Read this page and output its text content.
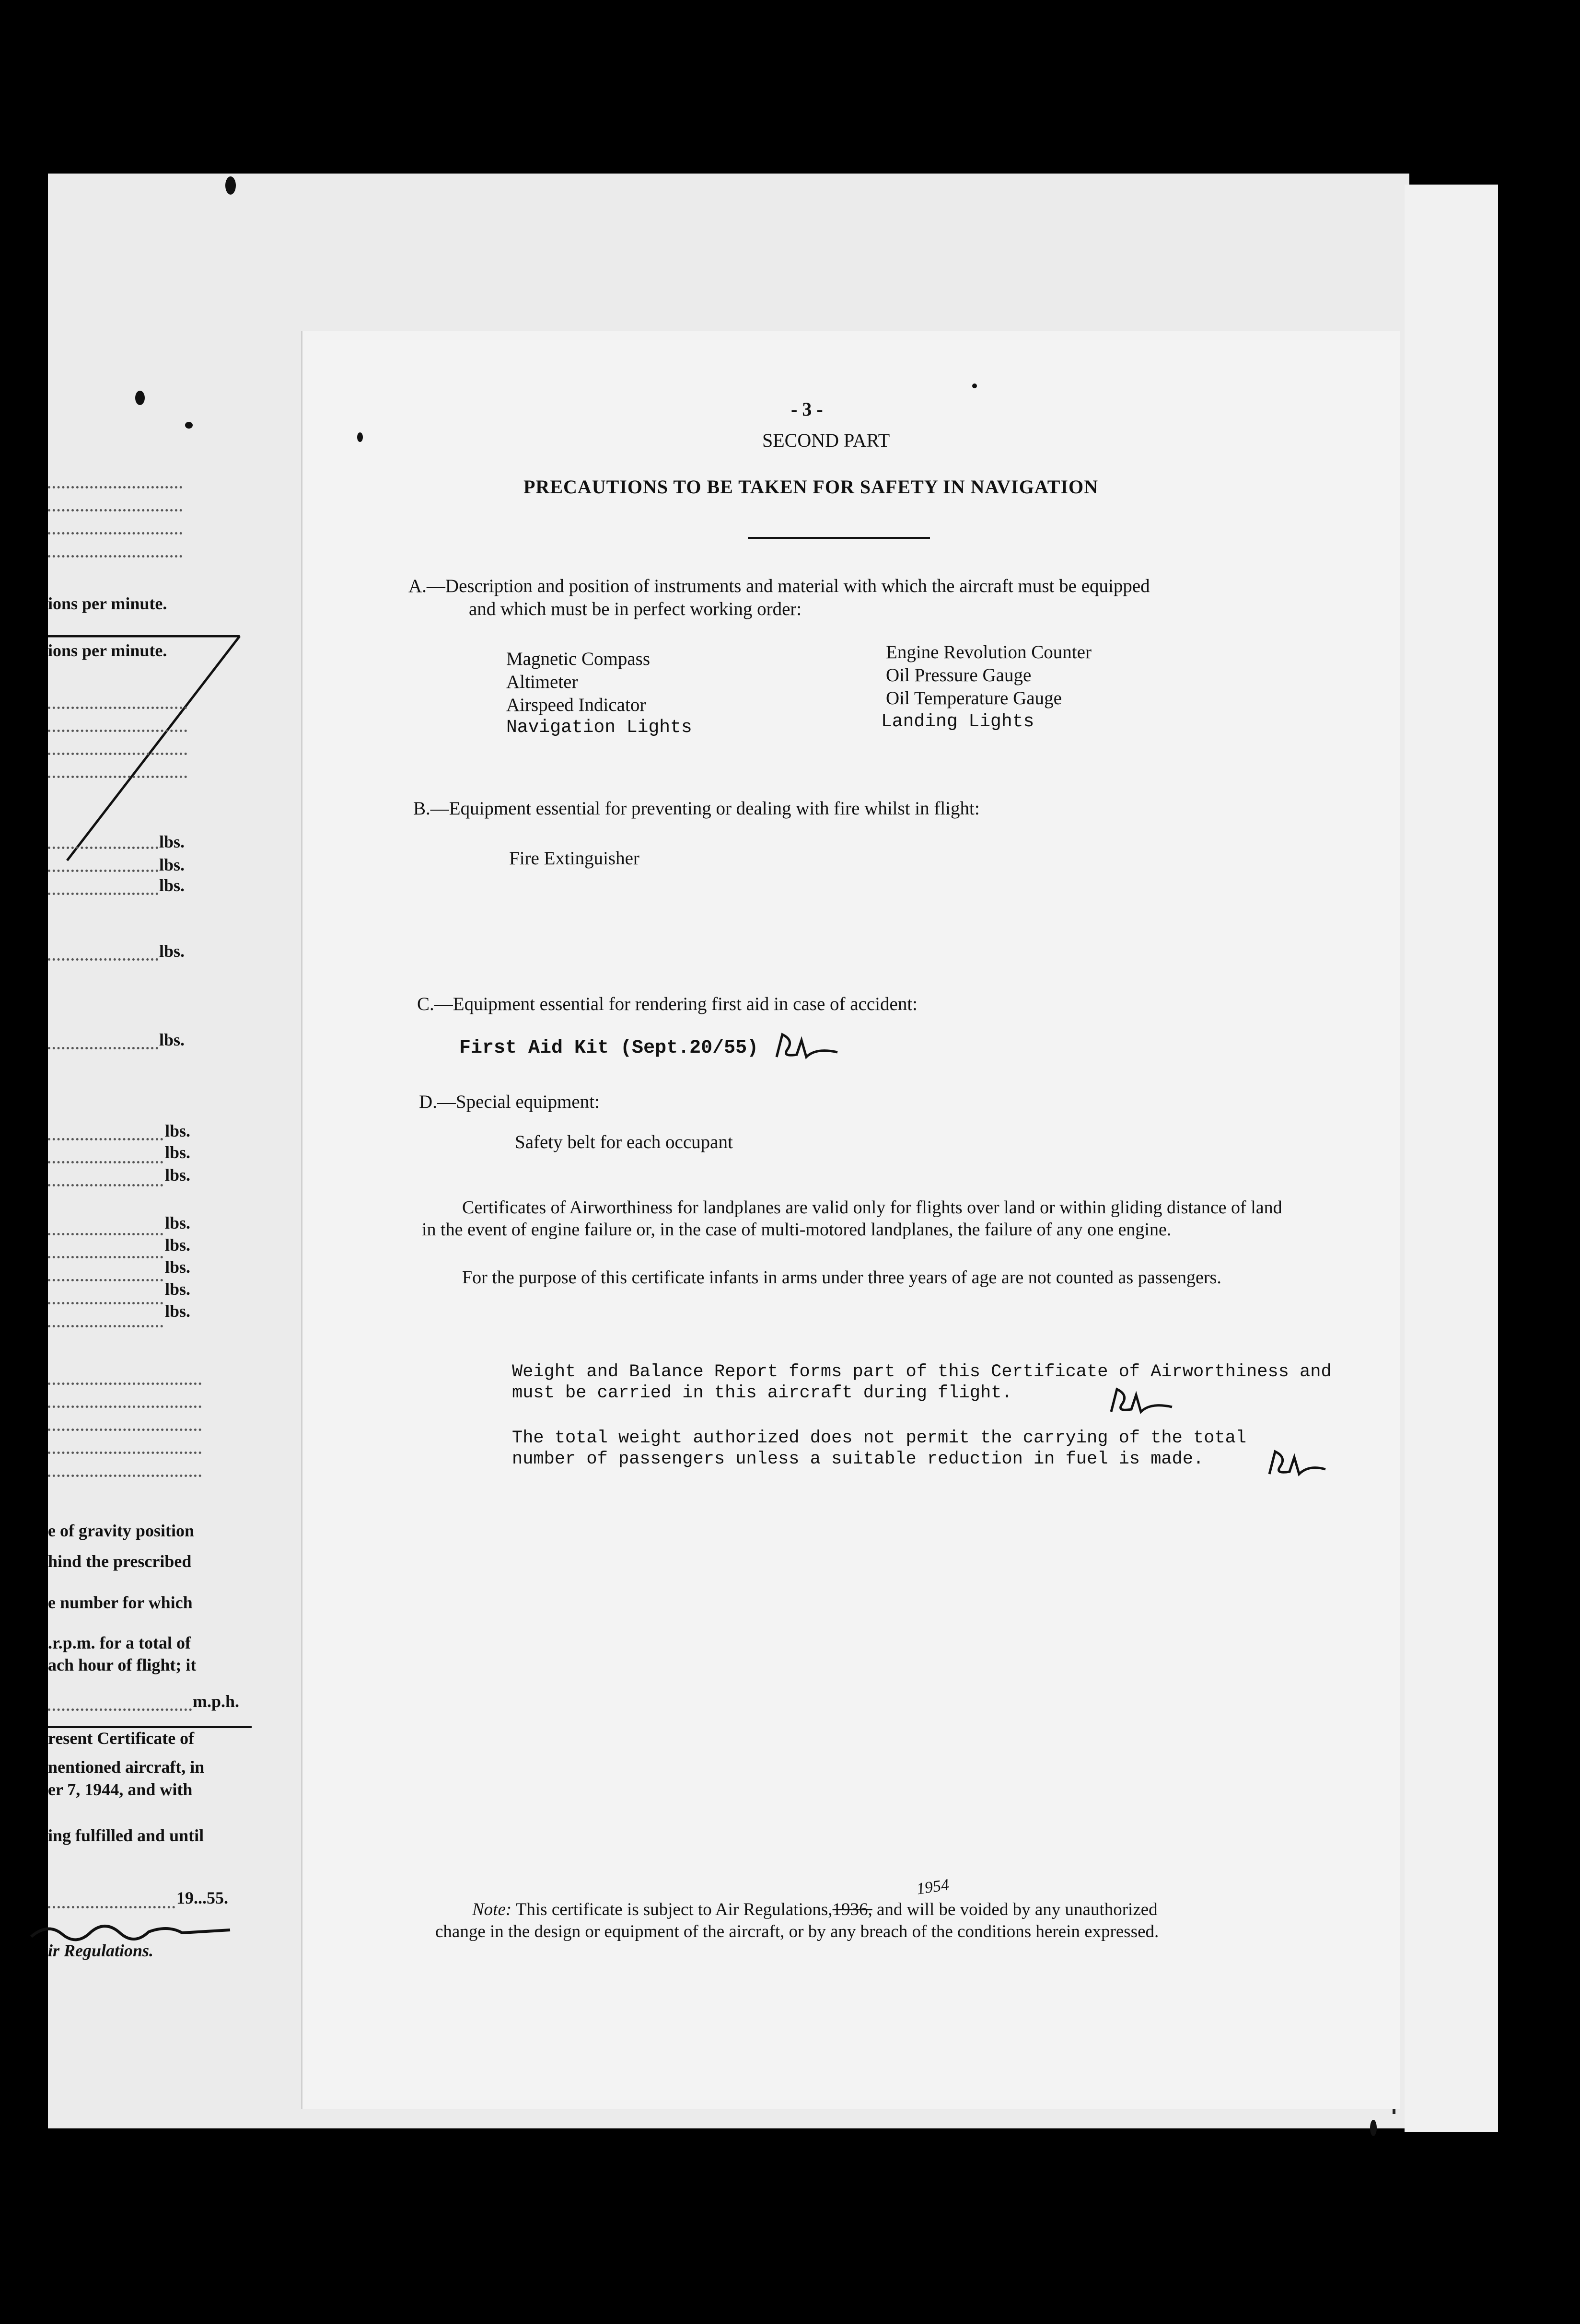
ions per minute.
ions per minute.
lbs.
lbs.
lbs.
lbs.
lbs.
lbs.
lbs.
lbs.
lbs.
lbs.
lbs.
lbs.
lbs.
e of gravity position
hind the prescribed
e number for which
.r.p.m. for a total of
ach hour of flight; it
m.p.h.
resent Certificate of
nentioned aircraft, in
er 7, 1944, and with
ing fulfilled and until
19...55.
ir Regulations.
- 3 -
SECOND PART
PRECAUTIONS TO BE TAKEN FOR SAFETY IN NAVIGATION
A.—Description and position of instruments and material with which the aircraft must be equipped
and which must be in perfect working order:
Magnetic Compass
Altimeter
Airspeed Indicator
Navigation Lights
Engine Revolution Counter
Oil Pressure Gauge
Oil Temperature Gauge
Landing Lights
B.—Equipment essential for preventing or dealing with fire whilst in flight:
Fire Extinguisher
C.—Equipment essential for rendering first aid in case of accident:
First Aid Kit (Sept.20/55)
D.—Special equipment:
Safety belt for each occupant
Certificates of Airworthiness for landplanes are valid only for flights over land or within gliding distance of land in the event of engine failure or, in the case of multi-motored landplanes, the failure of any one engine.
For the purpose of this certificate infants in arms under three years of age are not counted as passengers.
Weight and Balance Report forms part of this Certificate of Airworthiness and must be carried in this aircraft during flight.
The total weight authorized does not permit the carrying of the total number of passengers unless a suitable reduction in fuel is made.
Note: This certificate is subject to Air Regulations,1936, and will be voided by any unauthorized
1954
change in the design or equipment of the aircraft, or by any breach of the conditions herein expressed.
